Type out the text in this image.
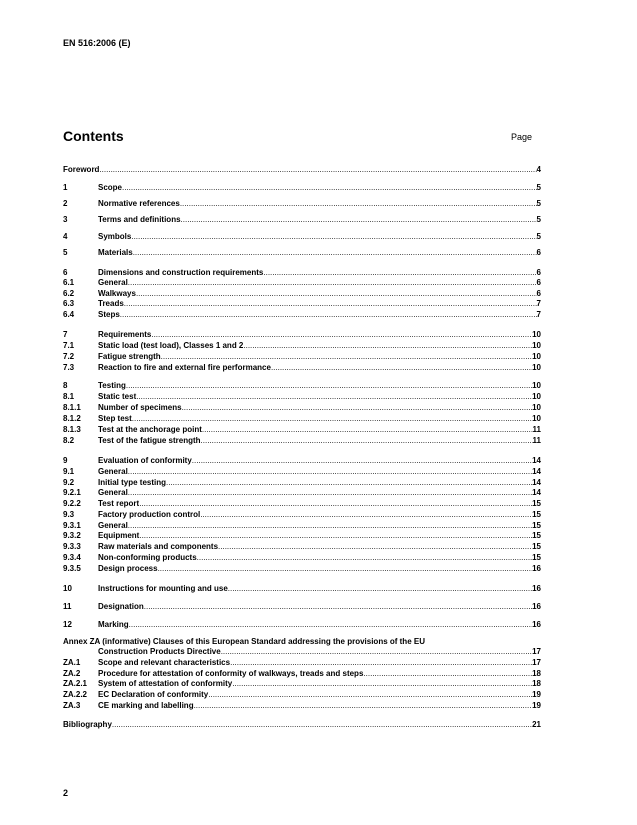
EN 516:2006 (E)
Contents	Page
Foreword .....	4
1	Scope .....	5
2	Normative references .....	5
3	Terms and definitions .....	5
4	Symbols .....	5
5	Materials .....	6
6	Dimensions and construction requirements .....	6
6.1	General .....	6
6.2	Walkways .....	6
6.3	Treads .....	7
6.4	Steps .....	7
7	Requirements .....	10
7.1	Static load (test load), Classes 1 and 2 .....	10
7.2	Fatigue strength .....	10
7.3	Reaction to fire and external fire performance .....	10
8	Testing .....	10
8.1	Static test .....	10
8.1.1 Number of specimens .....	10
8.1.2 Step test .....	10
8.1.3 Test at the anchorage point .....	11
8.2	Test of the fatigue strength .....	11
9	Evaluation of conformity .....	14
9.1	General .....	14
9.2	Initial type testing .....	14
9.2.1 General .....	14
9.2.2 Test report .....	15
9.3	Factory production control .....	15
9.3.1 General .....	15
9.3.2 Equipment .....	15
9.3.3 Raw materials and components .....	15
9.3.4 Non-conforming products .....	15
9.3.5 Design process .....	16
10	Instructions for mounting and use .....	16
11	Designation .....	16
12	Marking .....	16
Annex ZA (informative) Clauses of this European Standard addressing the provisions of the EU
Construction Products Directive .....	17
ZA.1 Scope and relevant characteristics .....	17
ZA.2 Procedure for attestation of conformity of walkways, treads and steps .....	18
ZA.2.1 System of attestation of conformity .....	18
ZA.2.2 EC Declaration of conformity .....	19
ZA.3 CE marking and labelling .....	19
Bibliography .....	21
2
